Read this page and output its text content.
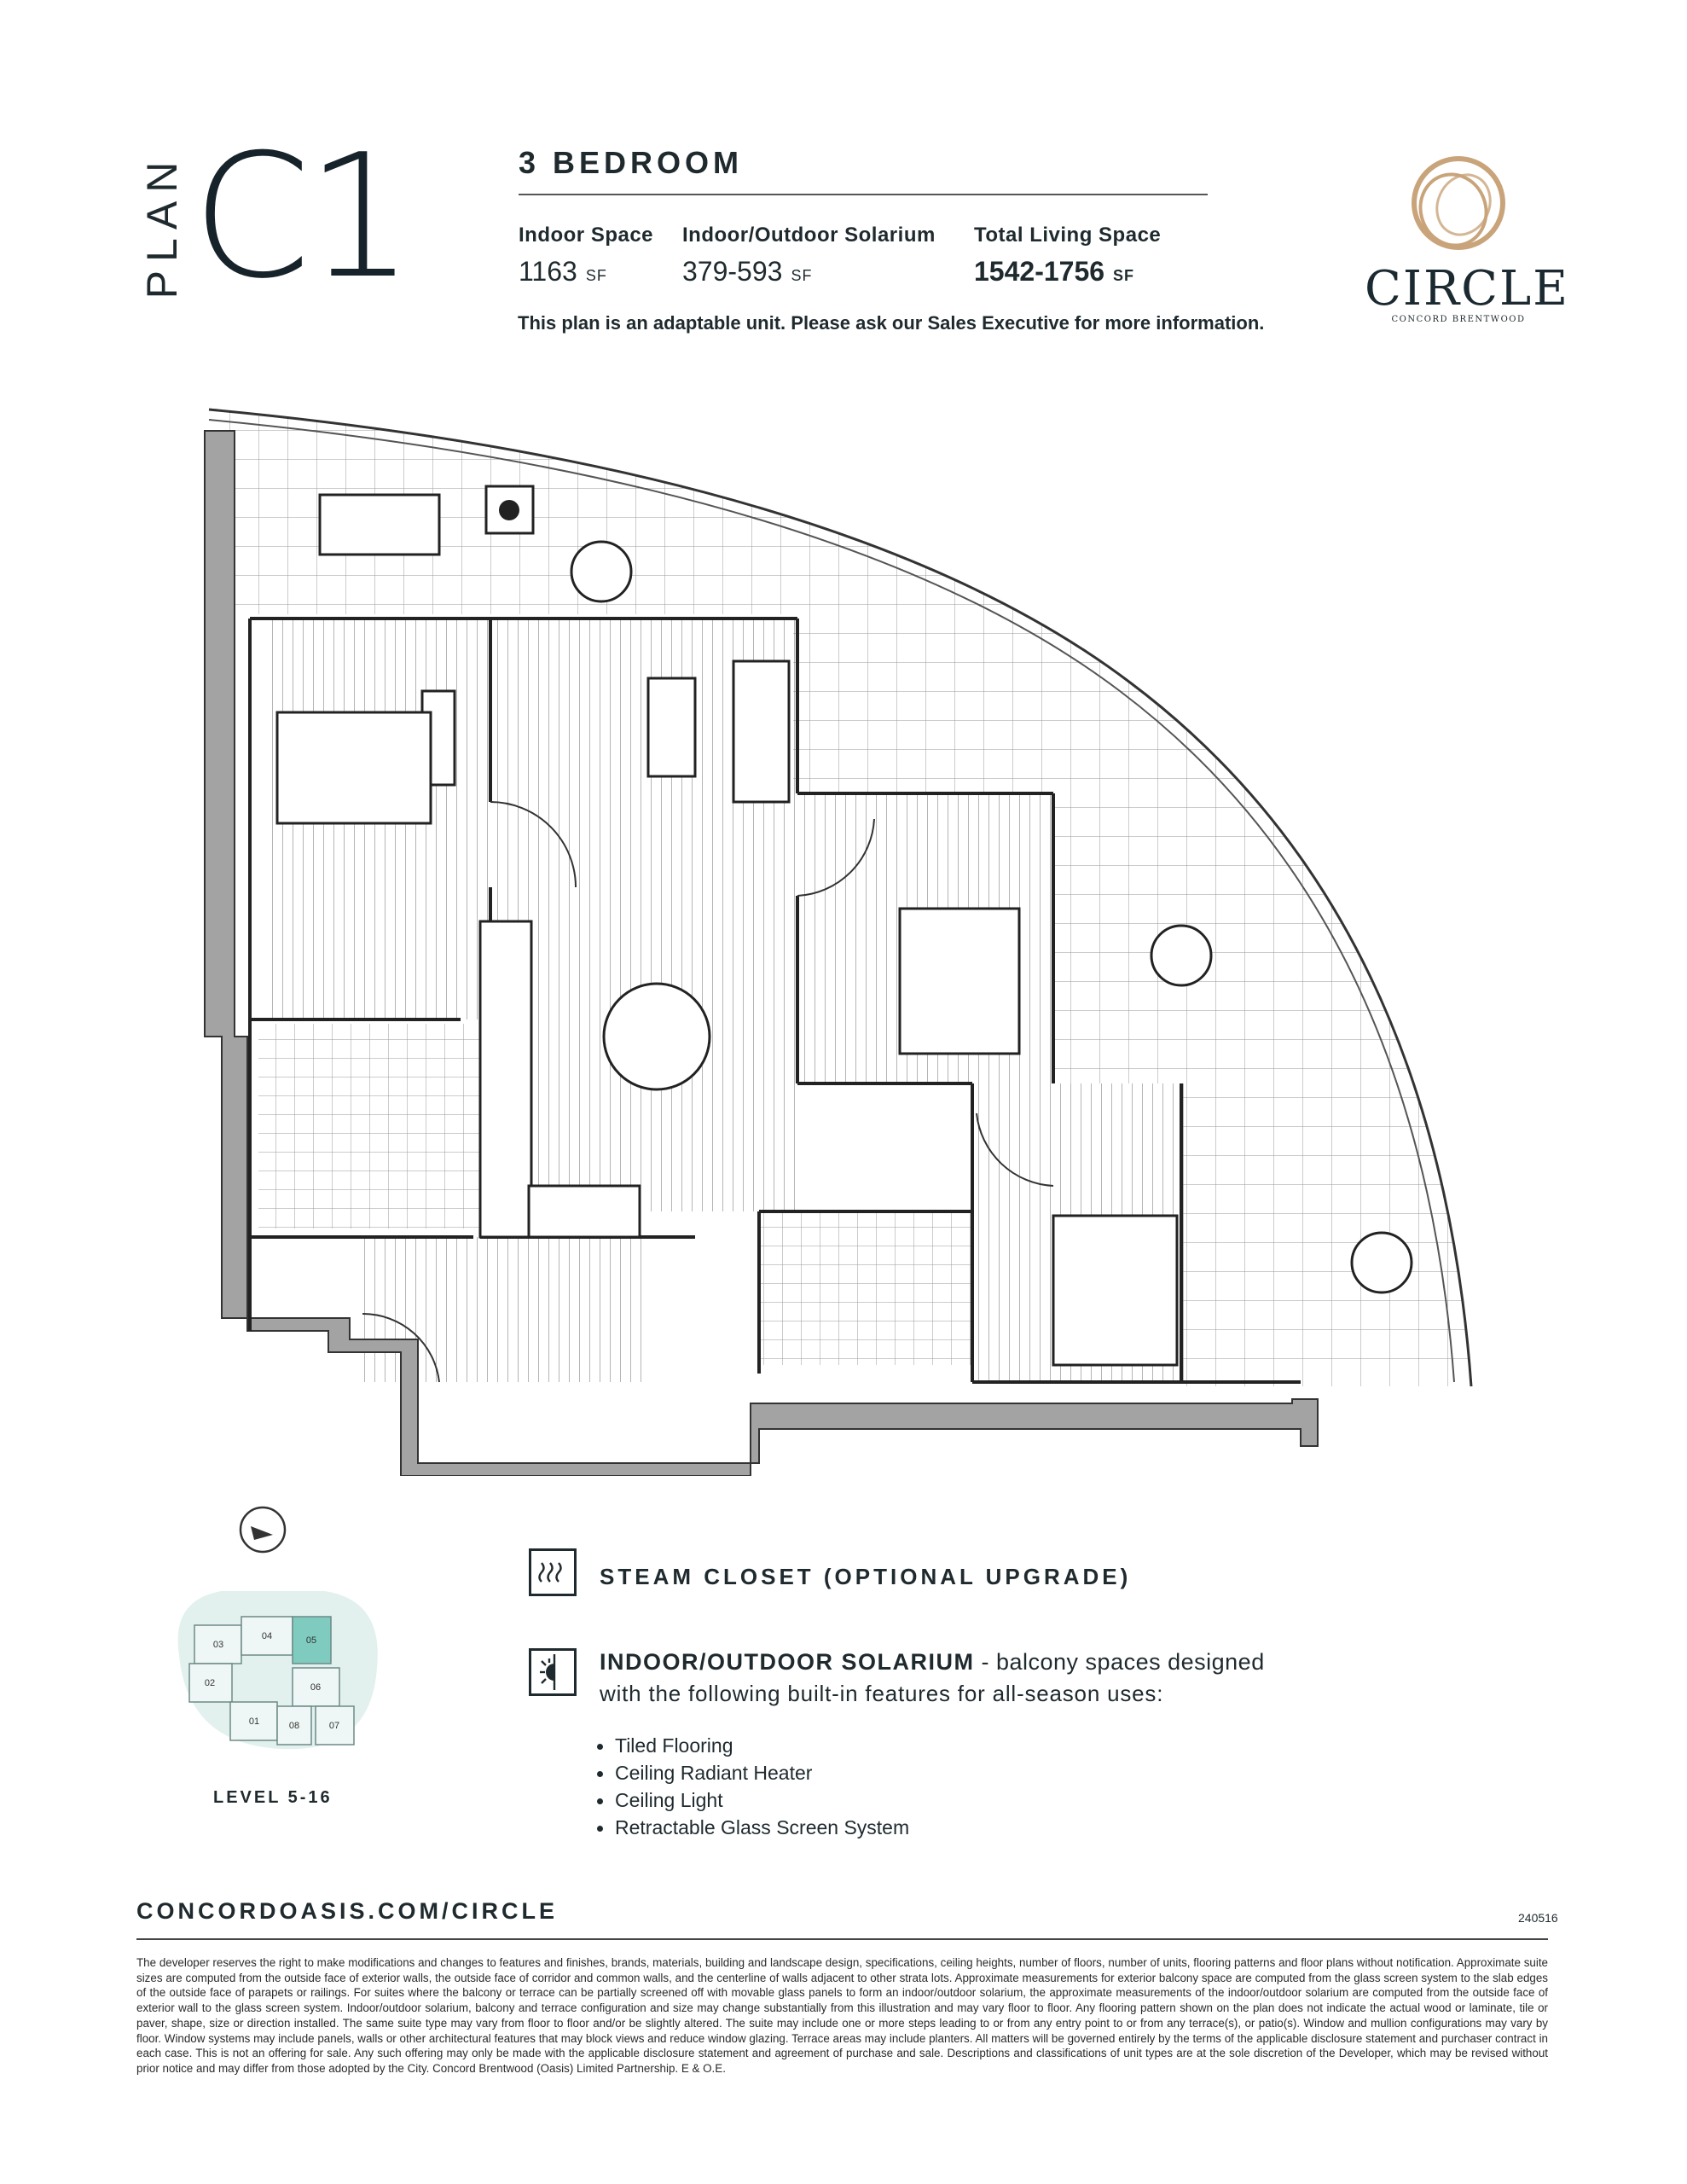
PLAN C1	3 BEDROOM
Indoor Space
1163 SF
Indoor/Outdoor Solarium
379-593 SF
Total Living Space
1542-1756 SF
This plan is an adaptable unit. Please ask our Sales Executive for more information.
CIRCLE
CONCORD BRENTWOOD
STEAM CLOSET (OPTIONAL UPGRADE)
INDOOR/OUTDOOR SOLARIUM - balcony spaces designed
with the following built-in features for all-season uses:
Tiled Flooring
Ceiling Radiant Heater
Ceiling Light
Retractable Glass Screen System
01
02
03
04	05
06
07
08
LEVEL 5-16
CONCORDOASIS.COM/CIRCLE	240516
The developer reserves the right to make modifications and changes to features and finishes, brands, materials, building and landscape design, specifications, ceiling heights, number of floors, number of units, flooring patterns and floor plans without notification. Approximate suite sizes are computed from the outside face of exterior walls, the outside face of corridor and common walls, and the centerline of walls adjacent to other strata lots. Approximate measurements for exterior balcony space are computed from the glass screen system to the slab edges of the outside face of parapets or railings. For suites where the balcony or terrace can be partially screened off with movable glass panels to form an indoor/outdoor solarium, the approximate measurements of the indoor/outdoor solarium are computed from the outside face of exterior wall to the glass screen system. Indoor/outdoor solarium, balcony and terrace configuration and size may change substantially from this illustration and may vary floor to floor. Any flooring pattern shown on the plan does not indicate the actual wood or laminate, tile or paver, shape, size or direction installed. The same suite type may vary from floor to floor and/or be slightly altered. The suite may include one or more steps leading to or from any entry point to or from any terrace(s), or patio(s). Window and mullion configurations may vary by floor. Window systems may include panels, walls or other architectural features that may block views and reduce window glazing. Terrace areas may include planters. All matters will be governed entirely by the terms of the applicable disclosure statement and purchaser contract in each case. This is not an offering for sale. Any such offering may only be made with the applicable disclosure statement and agreement of purchase and sale. Descriptions and classifications of unit types are at the sole discretion of the Developer, which may be revised without prior notice and may differ from those adopted by the City. Concord Brentwood (Oasis) Limited Partnership. E & O.E.
